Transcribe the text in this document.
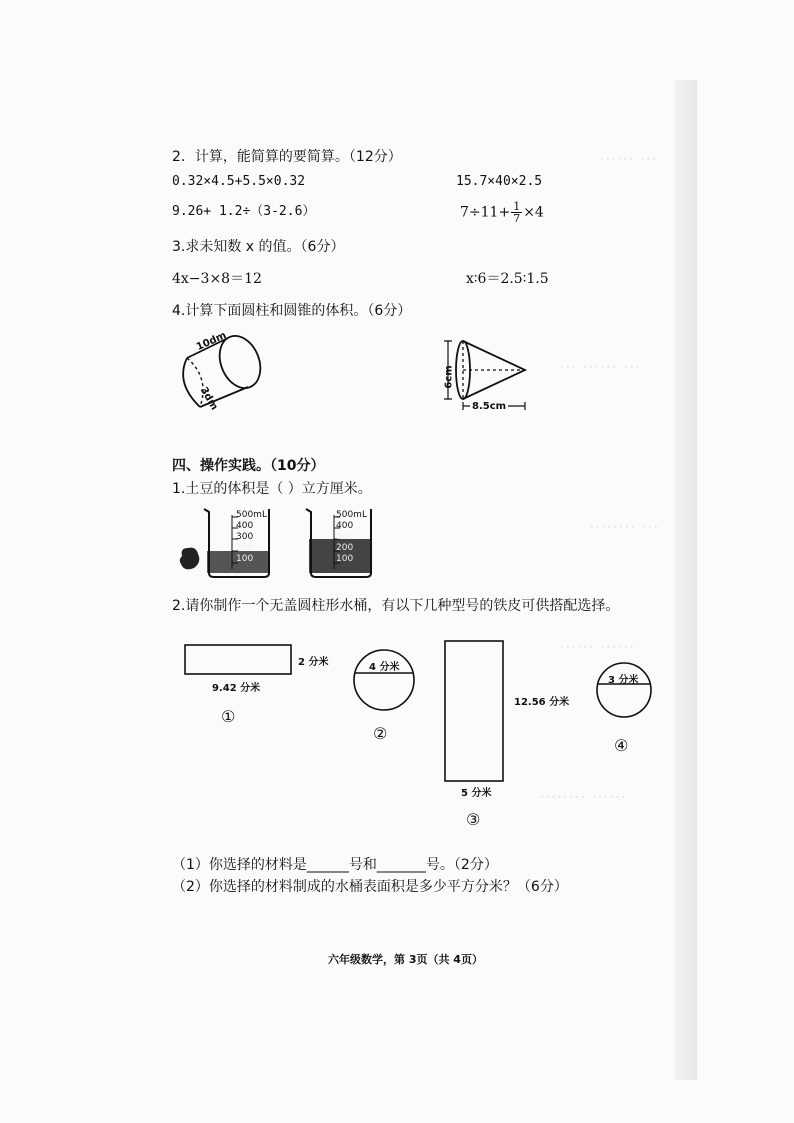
······ ···
··· ······ ···
········ ···
······ ······
········ ······
2．计算，能简算的要简算。（12分）
0.32×4.5+5.5×0.32	15.7×40×2.5
9.26+ 1.2÷（3-2.6）	$7\div 11+ \frac{1}{7} \times 4$
3.求未知数 x 的值。（6分）
4x−3×8＝12	x∶6＝2.5∶1.5
4.计算下面圆柱和圆锥的体积。（6分）
10dm
3dm
6cm
8.5cm
四、操作实践。（10分）
1.土豆的体积是（ ）立方厘米。
500mL
400
300
200
100
500mL
400
300
200
100
2.请你制作一个无盖圆柱形水桶，有以下几种型号的铁皮可供搭配选择。
2 分米
9.42 分米
①
4 分米
②
12.56 分米
5 分米
③
3 分米
④
（1）你选择的材料是______号和_______号。（2分）
（2）你选择的材料制成的水桶表面积是多少平方分米？（6分）
六年级数学，第 3页（共 4页）
